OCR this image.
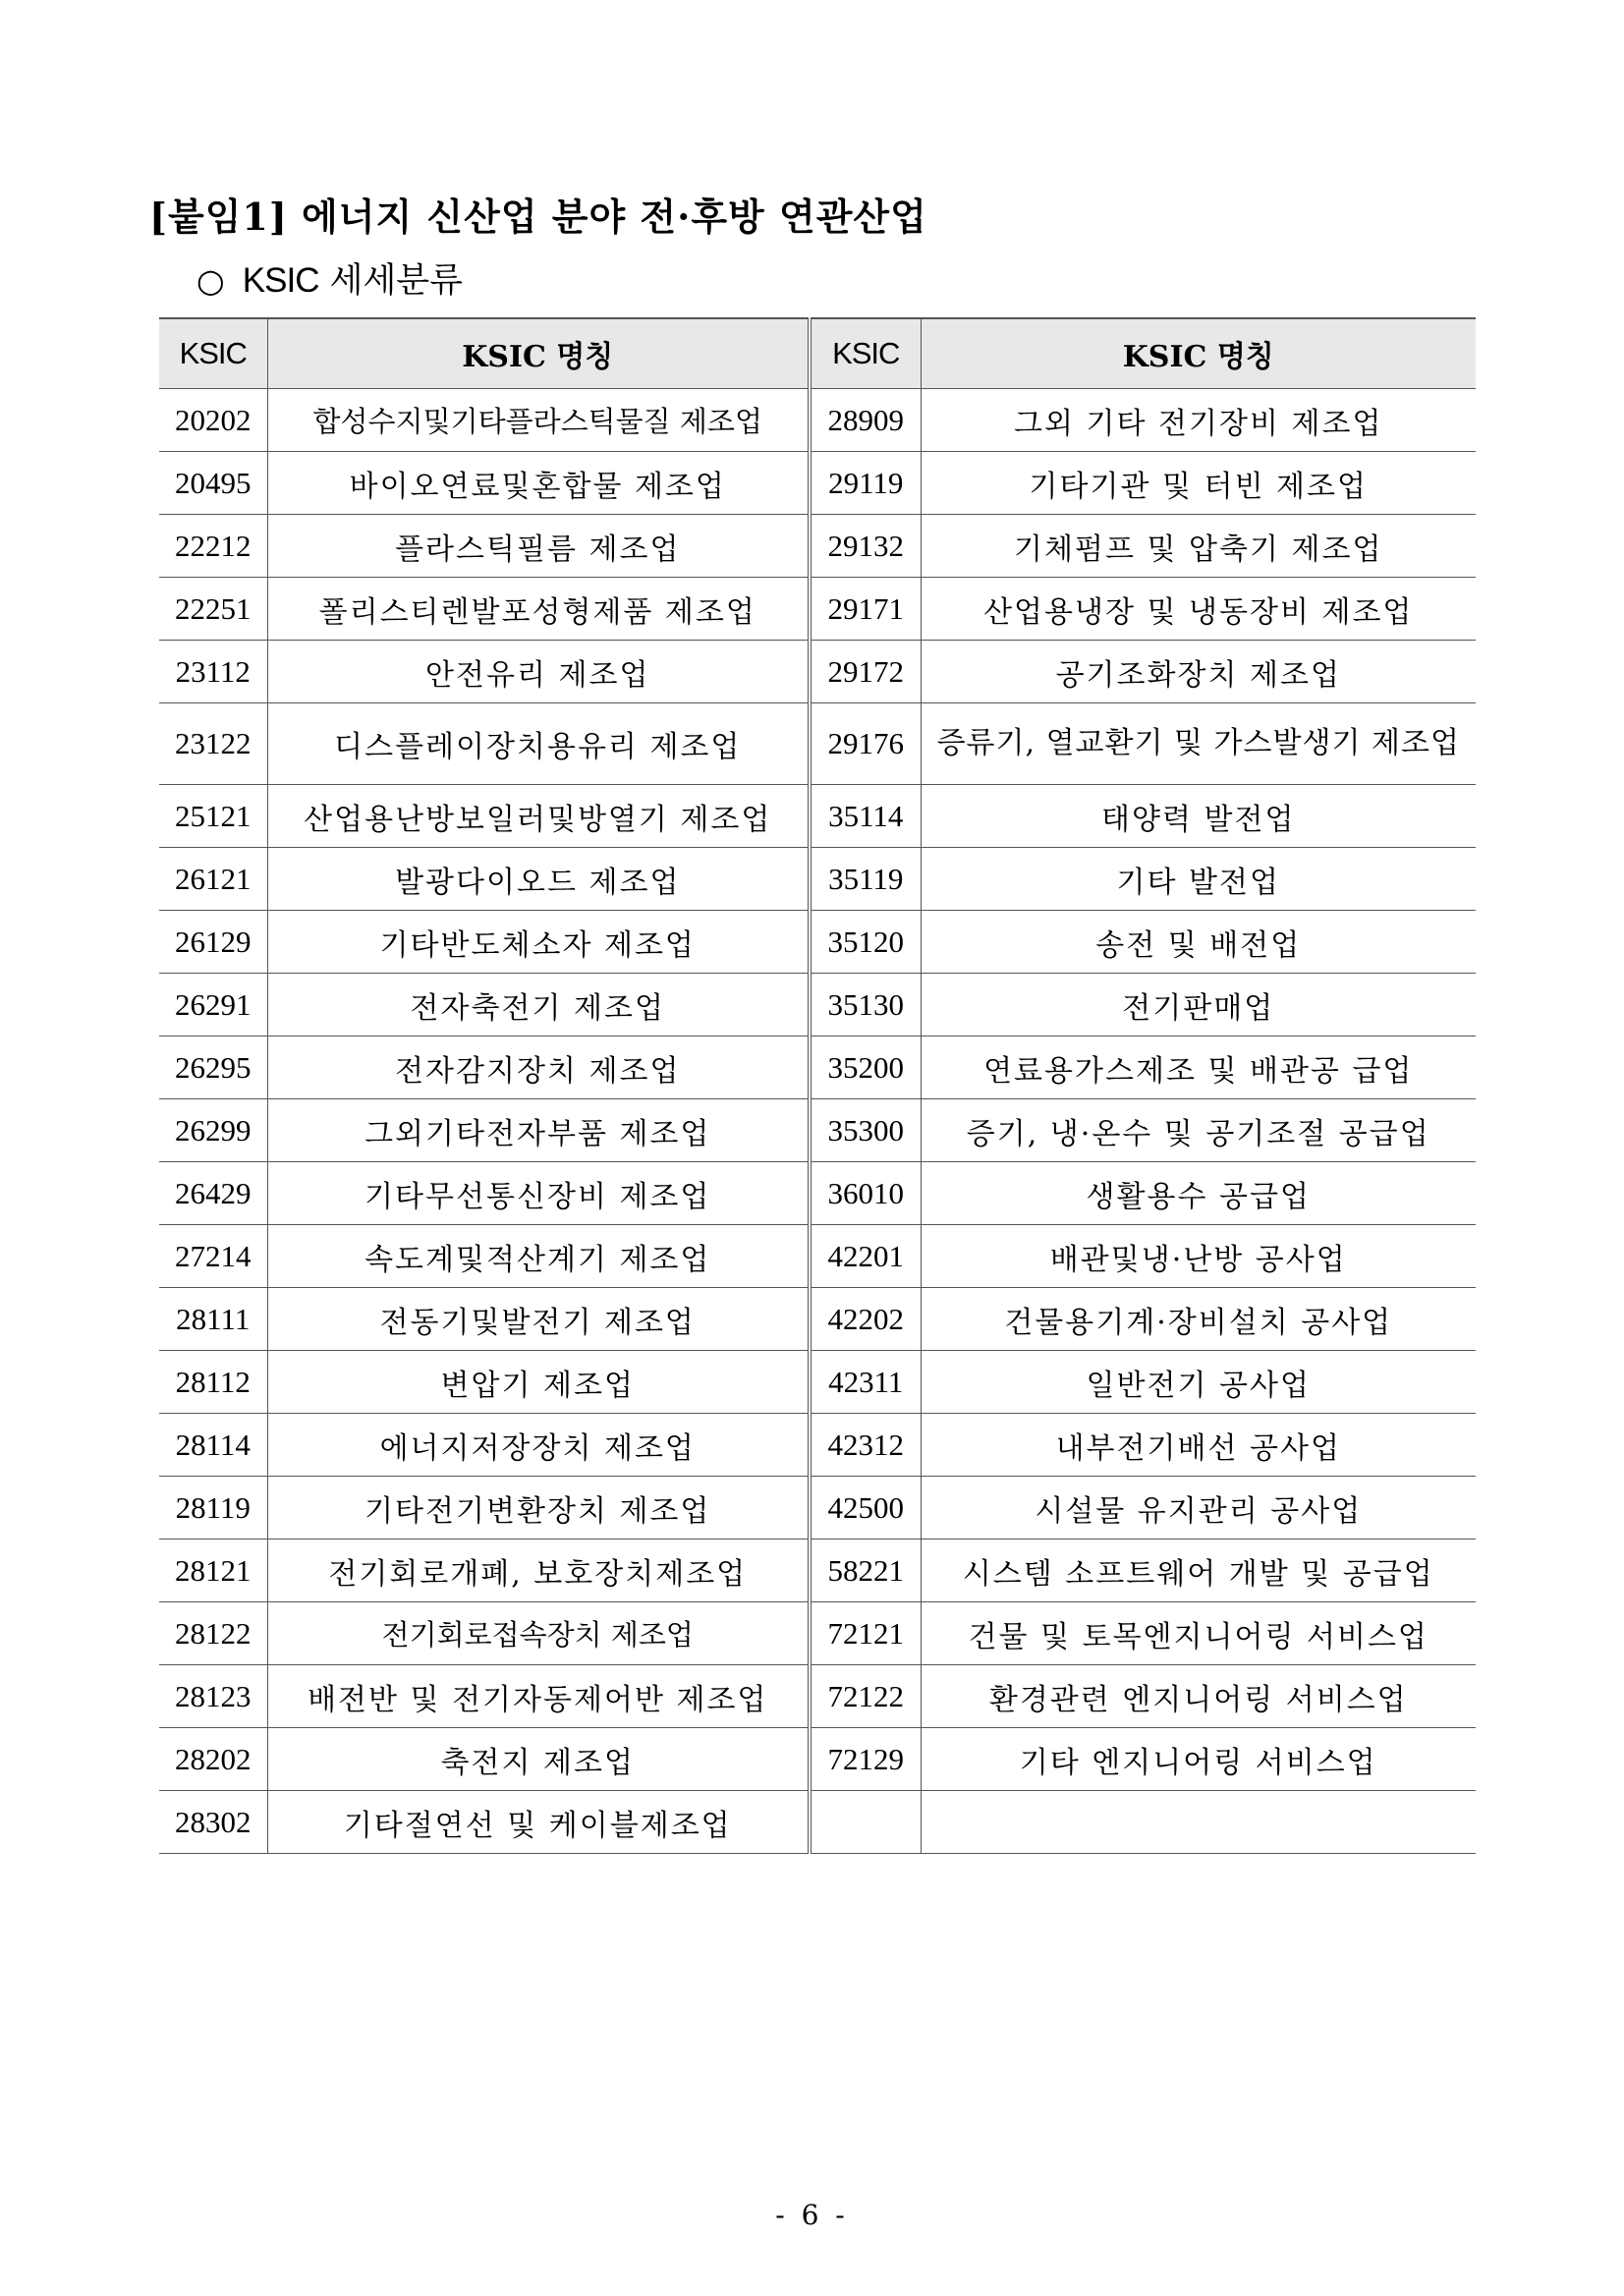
[붙임1] 에너지 신산업 분야 전·후방 연관산업
○ KSIC 세세분류
KSIC	KSIC 명칭	KSIC	KSIC 명칭
20202	합성수지및기타플라스틱물질 제조업	28909	그외 기타 전기장비 제조업
20495	바이오연료및혼합물 제조업	29119	기타기관 및 터빈 제조업
22212	플라스틱필름 제조업	29132	기체펌프 및 압축기 제조업
22251	폴리스티렌발포성형제품 제조업	29171	산업용냉장 및 냉동장비 제조업
23112	안전유리 제조업	29172	공기조화장치 제조업
23122	디스플레이장치용유리 제조업	29176	증류기, 열교환기 및 가스발생기 제조업
25121	산업용난방보일러및방열기 제조업	35114	태양력 발전업
26121	발광다이오드 제조업	35119	기타 발전업
26129	기타반도체소자 제조업	35120	송전 및 배전업
26291	전자축전기 제조업	35130	전기판매업
26295	전자감지장치 제조업	35200	연료용가스제조 및 배관공 급업
26299	그외기타전자부품 제조업	35300	증기, 냉·온수 및 공기조절 공급업
26429	기타무선통신장비 제조업	36010	생활용수 공급업
27214	속도계및적산계기 제조업	42201	배관및냉·난방 공사업
28111	전동기및발전기 제조업	42202	건물용기계·장비설치 공사업
28112	변압기 제조업	42311	일반전기 공사업
28114	에너지저장장치 제조업	42312	내부전기배선 공사업
28119	기타전기변환장치 제조업	42500	시설물 유지관리 공사업
28121	전기회로개폐, 보호장치제조업	58221	시스템 소프트웨어 개발 및 공급업
28122	전기회로접속장치 제조업	72121	건물 및 토목엔지니어링 서비스업
28123	배전반 및 전기자동제어반 제조업	72122	환경관련 엔지니어링 서비스업
28202	축전지 제조업	72129	기타 엔지니어링 서비스업
28302	기타절연선 및 케이블제조업		
- 6 -
